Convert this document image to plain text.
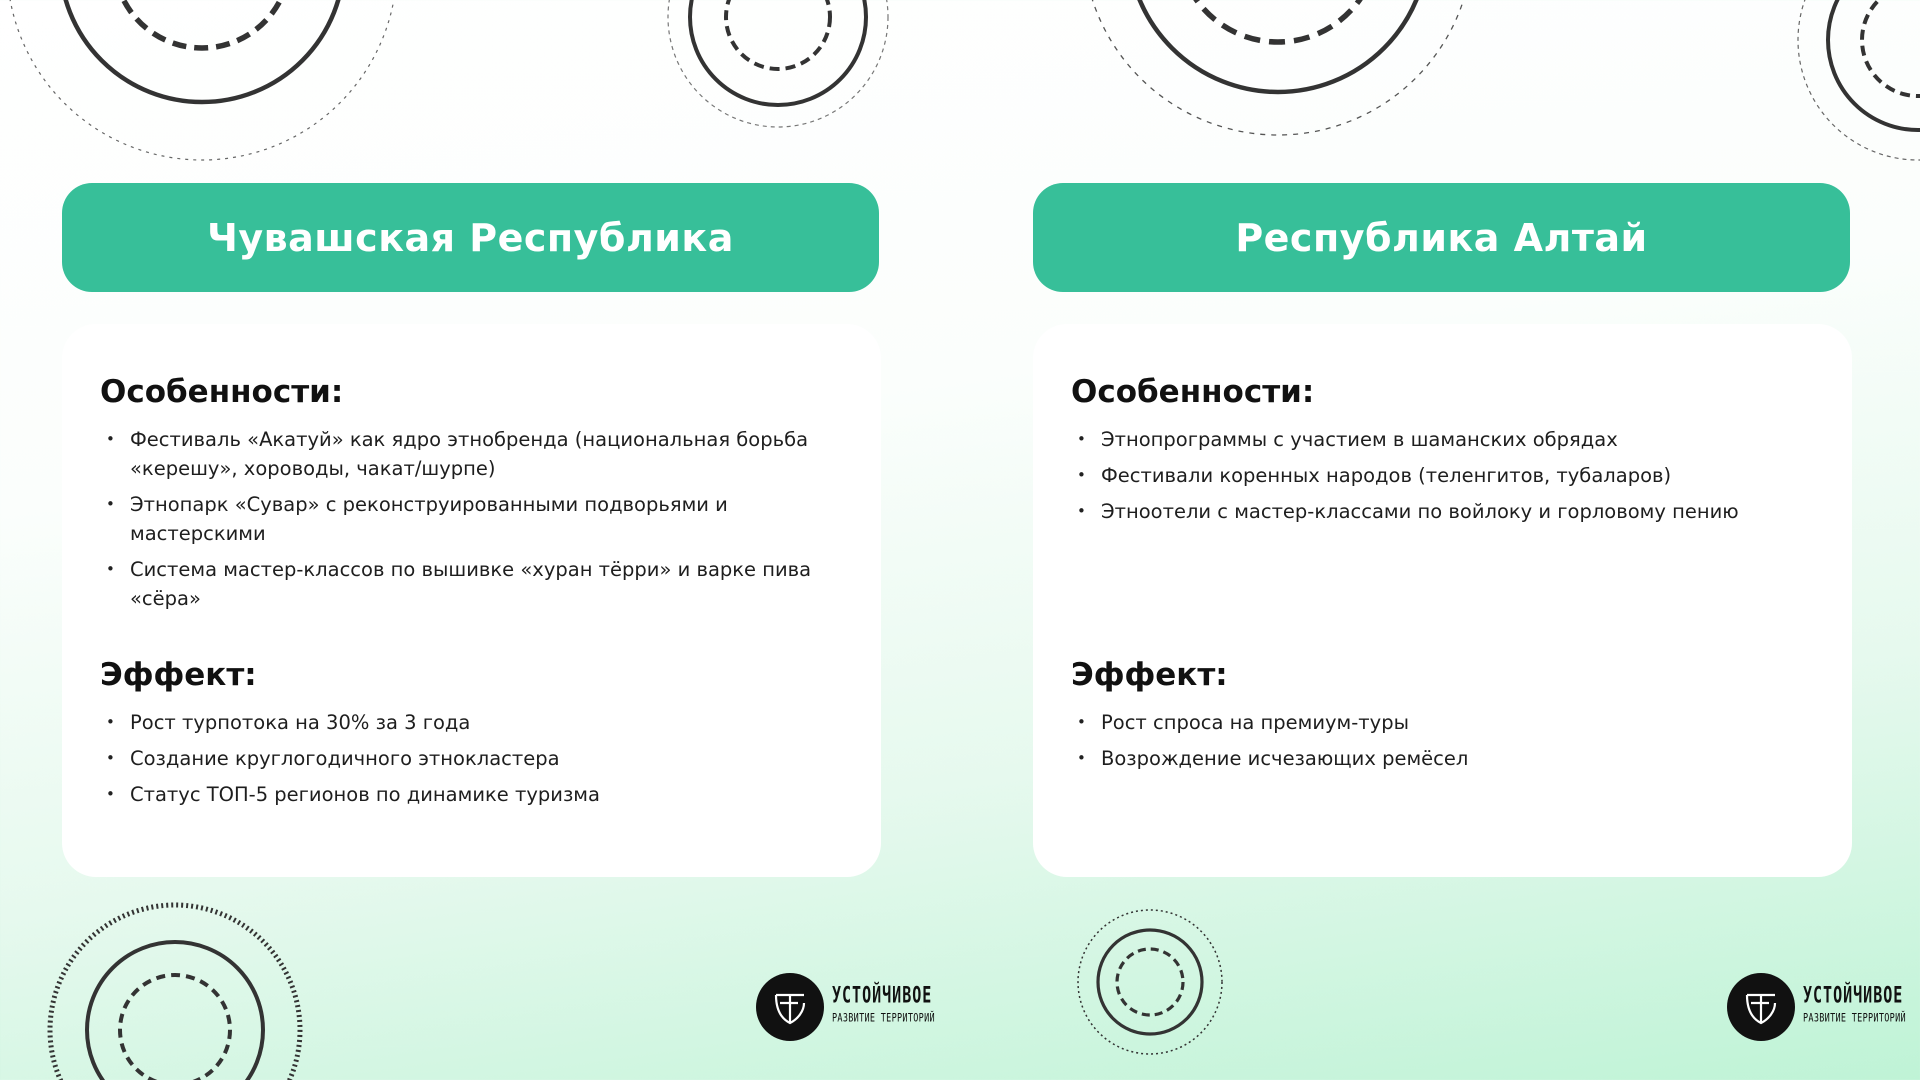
Чувашская Республика
Особенности:
• Фестиваль «Акатуй» как ядро этнобренда (национальная борьба «керешу», хороводы, чакат/шурпе)
• Этнопарк «Сувар» с реконструированными подворьями и мастерскими
• Система мастер-классов по вышивке «хуран тёрри» и варке пива «сёра»
Эффект:
• Рост турпотока на 30% за 3 года
• Создание круглогодичного этнокластера
• Статус ТОП-5 регионов по динамике туризма
УСТОЙЧИВОЕ
РАЗВИТИЕ ТЕРРИТОРИЙ
Республика Алтай
Особенности:
• Этнопрограммы с участием в шаманских обрядах
• Фестивали коренных народов (теленгитов, тубаларов)
• Этноотели с мастер-классами по войлоку и горловому пению
Эффект:
• Рост спроса на премиум-туры
• Возрождение исчезающих ремёсел
УСТОЙЧИВОЕ
РАЗВИТИЕ ТЕРРИТОРИЙ
